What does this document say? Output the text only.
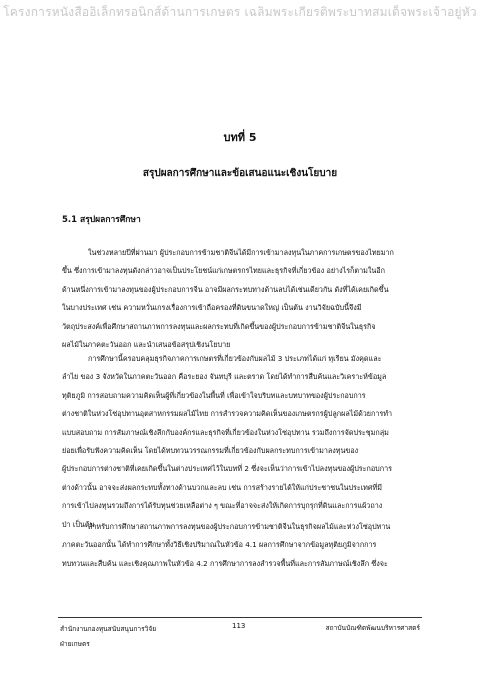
โครงการหนังสืออิเล็กทรอนิกส์ด้านการเกษตร เฉลิมพระเกียรติพระบาทสมเด็จพระเจ้าอยู่หัว
บทที่ 5
สรุปผลการศึกษาและข้อเสนอแนะเชิงนโยบาย
5.1 สรุปผลการศึกษา

ในช่วงหลายปีที่ผ่านมา ผู้ประกอบการข้ามชาติจีนได้มีการเข้ามาลงทุนในภาคการเกษตรของไทยมาก
ขึ้น ซึ่งการเข้ามาลงทุนดังกล่าวอาจเป็นประโยชน์แก่เกษตรกรไทยและธุรกิจที่เกี่ยวข้อง อย่างไรก็ตามในอีก
ด้านหนึ่งการเข้ามาลงทุนของผู้ประกอบการจีน อาจมีผลกระทบทางด้านลบได้เช่นเดียวกัน ดังที่ได้เคยเกิดขึ้น
ในบางประเทศ เช่น ความหวั่นเกรงเรื่องการเข้าถือครองที่ดินขนาดใหญ่ เป็นต้น งานวิจัยฉบับนี้จึงมี
วัตถุประสงค์เพื่อศึกษาสถานภาพการลงทุนและผลกระทบที่เกิดขึ้นของผู้ประกอบการข้ามชาติจีนในธุรกิจ
ผลไม้ในภาคตะวันออก และนำเสนอข้อสรุปเชิงนโยบาย

การศึกษานี้ครอบคลุมธุรกิจภาคการเกษตรที่เกี่ยวข้องกับผลไม้ 3 ประเภทได้แก่ ทุเรียน มังคุดและ
ลำไย ของ 3 จังหวัดในภาคตะวันออก คือระยอง จันทบุรี และตราด โดยได้ทำการสืบค้นและวิเคราะห์ข้อมูล
ทุติยภูมิ การสอบถามความคิดเห็นผู้ที่เกี่ยวข้องในพื้นที่ เพื่อเข้าใจบริบทและบทบาทของผู้ประกอบการ
ต่างชาติในห่วงโซ่อุปทานอุตสาหกรรมผลไม้ไทย การสำรวจความคิดเห็นของเกษตรกรผู้ปลูกผลไม้ด้วยการทำ
แบบสอบถาม การสัมภาษณ์เชิงลึกกับองค์กรและธุรกิจที่เกี่ยวข้องในห่วงโซ่อุปทาน รวมถึงการจัดประชุมกลุ่ม
ย่อยเพื่อรับฟังความคิดเห็น โดยได้ทบทวนวรรณกรรมที่เกี่ยวข้องกับผลกระทบการเข้ามาลงทุนของ
ผู้ประกอบการต่างชาติที่เคยเกิดขึ้นในต่างประเทศไว้ในบทที่ 2 ซึ่งจะเห็นว่าการเข้าไปลงทุนของผู้ประกอบการ
ต่างด้าวนั้น อาจจะส่งผลกระทบทั้งทางด้านบวกและลบ เช่น การสร้างรายได้ให้แก่ประชาชนในประเทศที่มี
การเข้าไปลงทุนรวมถึงการได้รับทุนช่วยเหลือต่าง ๆ ขณะที่อาจจะส่งให้เกิดการบุกรุกที่ดินและการแผ้วถาง
ป่า เป็นต้น

สำหรับการศึกษาสถานภาพการลงทุนของผู้ประกอบการข้ามชาติจีนในธุรกิจผลไม้และห่วงโซ่อุปทาน
ภาคตะวันออกนั้น ได้ทำการศึกษาทั้งวิธีเชิงปริมาณในหัวข้อ 4.1 ผลการศึกษาจากข้อมูลทุติยภูมิจากการ
ทบทวนและสืบค้น และเชิงคุณภาพในหัวข้อ 4.2 การศึกษาการลงสำรวจพื้นที่และการสัมภาษณ์เชิงลึก ซึ่งจะ

สำนักงานกองทุนสนับสนุนการวิจัย
ฝ่ายเกษตร
113	สถาบันบัณฑิตพัฒนบริหารศาสตร์
